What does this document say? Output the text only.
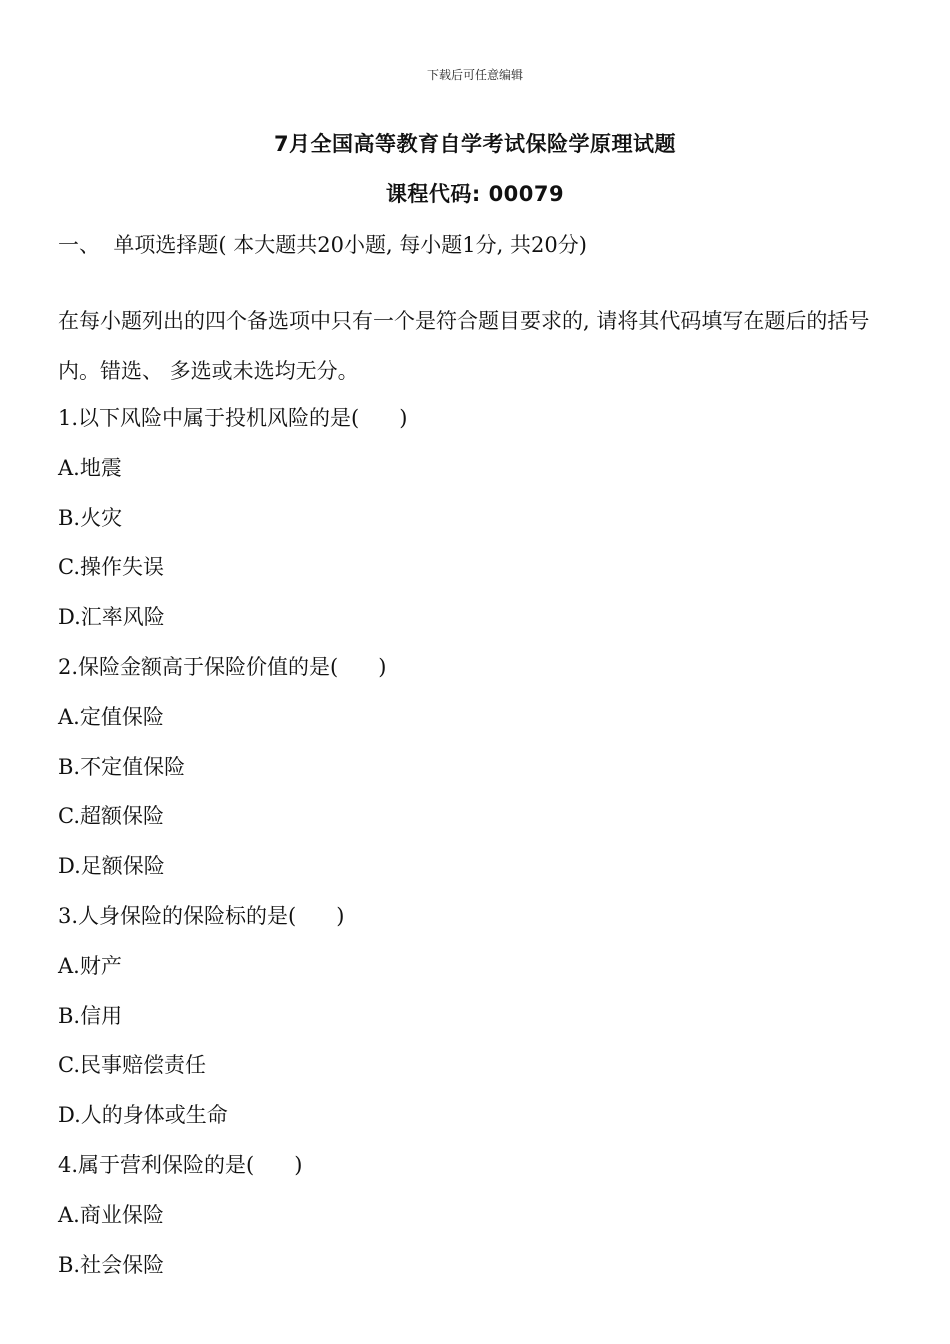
下载后可任意编辑
7月全国高等教育自学考试保险学原理试题
课程代码: 00079
一、  单项选择题( 本大题共20小题, 每小题1分, 共20分)
在每小题列出的四个备选项中只有一个是符合题目要求的, 请将其代码填写在题后的括号内。错选、 多选或未选均无分。
1.以下风险中属于投机风险的是(      )
A.地震
B.火灾
C.操作失误
D.汇率风险
2.保险金额高于保险价值的是(      )
A.定值保险
B.不定值保险
C.超额保险
D.足额保险
3.人身保险的保险标的是(      )
A.财产
B.信用
C.民事赔偿责任
D.人的身体或生命
4.属于营利保险的是(      )
A.商业保险
B.社会保险
